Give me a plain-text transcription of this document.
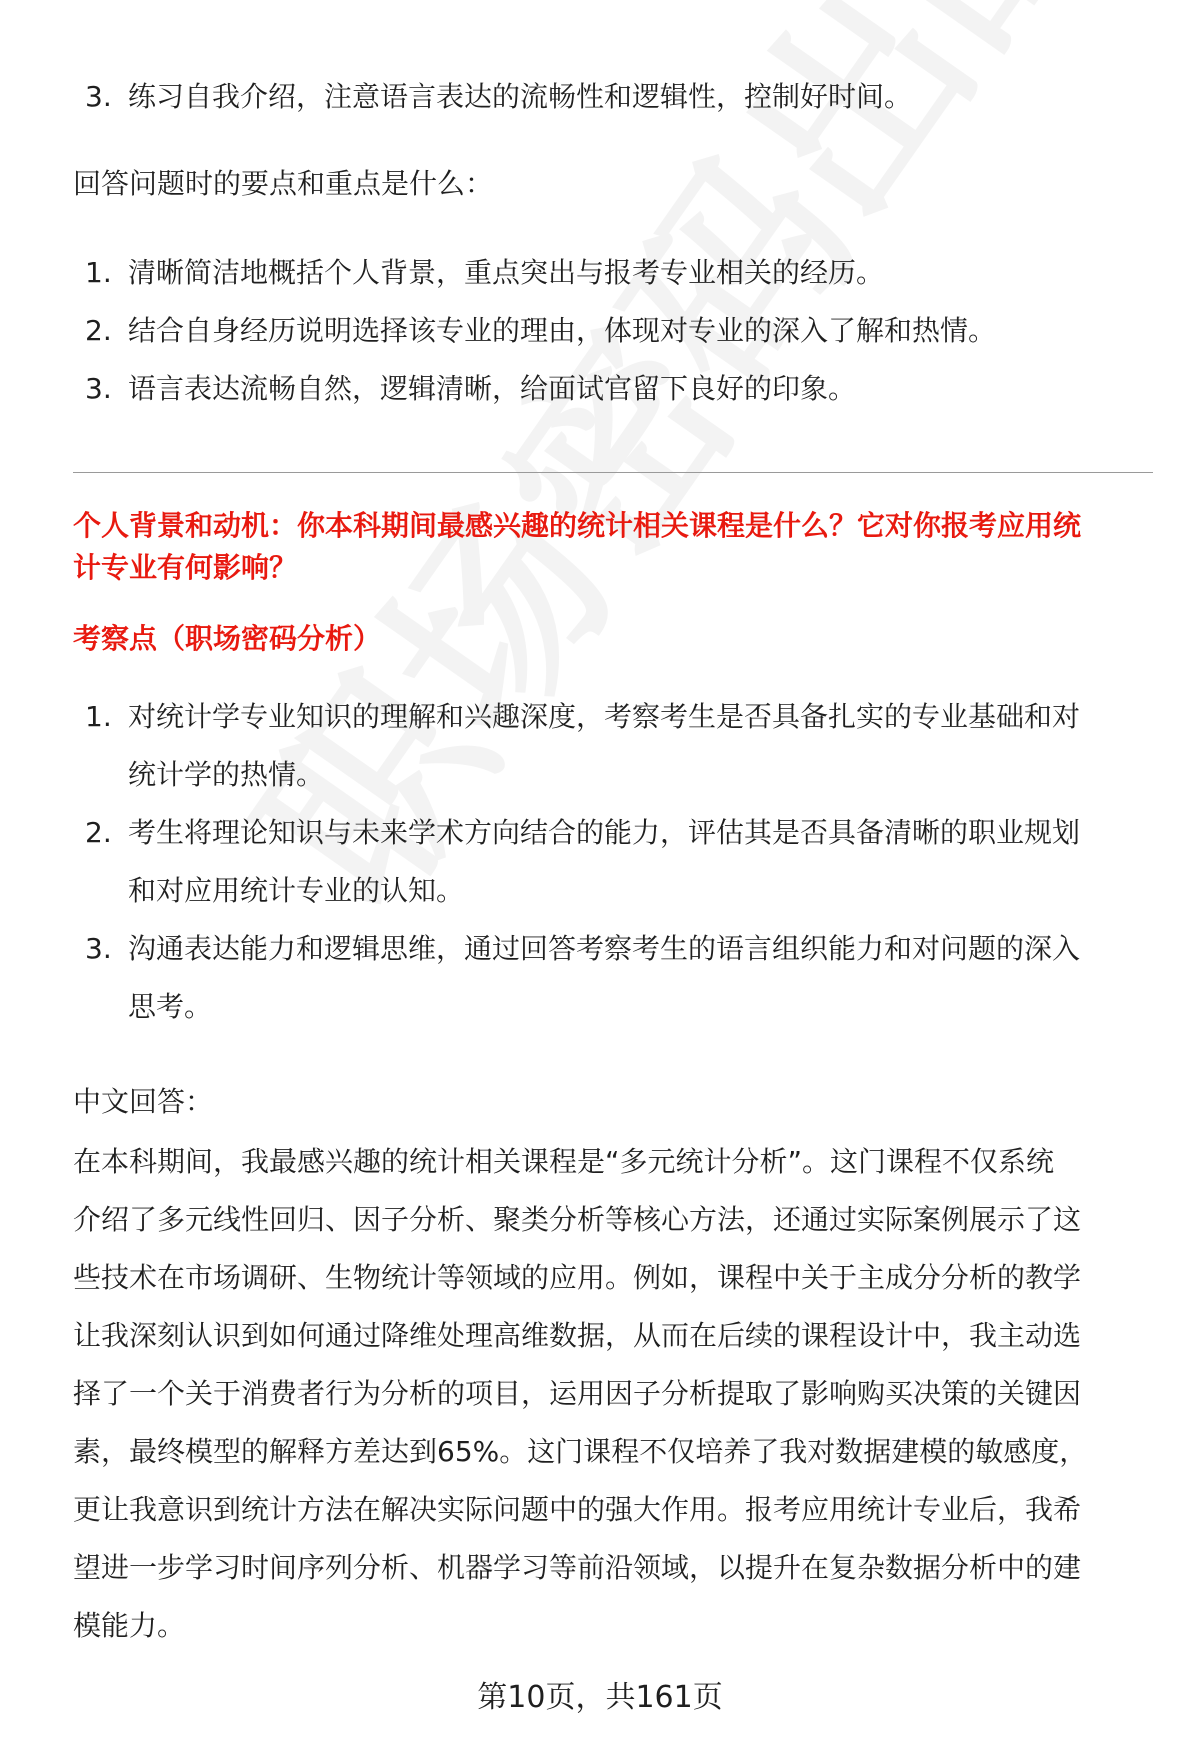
3. 练习自我介绍，注意语言表达的流畅性和逻辑性，控制好时间。

回答问题时的要点和重点是什么：

1. 清晰简洁地概括个人背景，重点突出与报考专业相关的经历。
2. 结合自身经历说明选择该专业的理由，体现对专业的深入了解和热情。
3. 语言表达流畅自然，逻辑清晰，给面试官留下良好的印象。

个人背景和动机：你本科期间最感兴趣的统计相关课程是什么？它对你报考应用统

计专业有何影响？

考察点（职场密码分析）

1. 对统计学专业知识的理解和兴趣深度，考察考生是否具备扎实的专业基础和对
统计学的热情。
2. 考生将理论知识与未来学术方向结合的能力，评估其是否具备清晰的职业规划
和对应用统计专业的认知。
3. 沟通表达能力和逻辑思维，通过回答考察考生的语言组织能力和对问题的深入
思考。

中文回答：

在本科期间，我最感兴趣的统计相关课程是“多元统计分析”。这门课程不仅系统

介绍了多元线性回归、因子分析、聚类分析等核心方法，还通过实际案例展示了这

些技术在市场调研、生物统计等领域的应用。例如，课程中关于主成分分析的教学

让我深刻认识到如何通过降维处理高维数据，从而在后续的课程设计中，我主动选

择了一个关于消费者行为分析的项目，运用因子分析提取了影响购买决策的关键因

素，最终模型的解释方差达到65%。这门课程不仅培养了我对数据建模的敏感度，

更让我意识到统计方法在解决实际问题中的强大作用。报考应用统计专业后，我希

望进一步学习时间序列分析、机器学习等前沿领域，以提升在复杂数据分析中的建

模能力。

第10页，共161页
